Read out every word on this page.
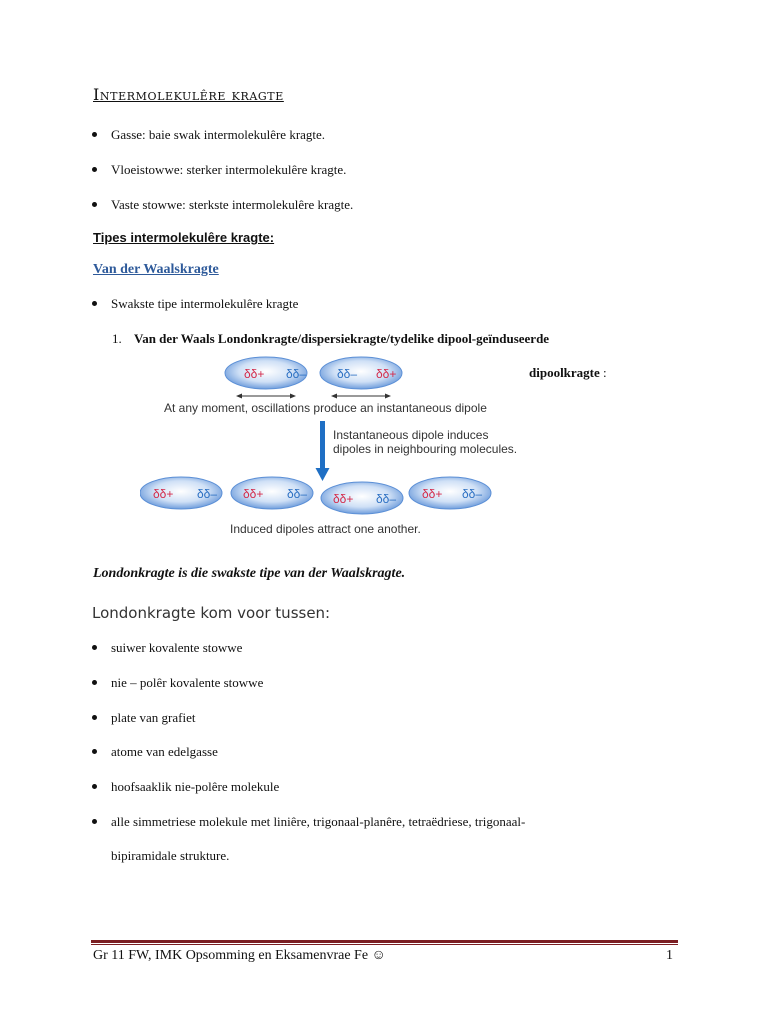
Intermolekulêre kragte
Gasse: baie swak intermolekulêre kragte.
Vloeistowwe: sterker intermolekulêre kragte.
Vaste stowwe: sterkste intermolekulêre kragte.
Tipes intermolekulêre kragte:
Van der Waalskragte
Swakste tipe intermolekulêre kragte
1. Van der Waals Londonkragte/dispersiekragte/tydelike dipool-geïnduseerde
dipoolkragte :
δδ+ δδ–	δδ– δδ+
At any moment, oscillations produce an instantaneous dipole
Instantaneous dipole induces
dipoles in neighbouring molecules.
δδ+ δδ– δδ+ δδ– δδ+ δδ– δδ+ δδ–
Induced dipoles attract one another.
Londonkragte is die swakste tipe van der Waalskragte.
Londonkragte kom voor tussen:
suiwer kovalente stowwe
nie – polêr kovalente stowwe
plate van grafiet
atome van edelgasse
hoofsaaklik nie-polêre molekule
alle simmetriese molekule met liniêre, trigonaal-planêre, tetraëdriese, trigonaal-
bipiramidale strukture.
Gr 11 FW, IMK Opsomming en Eksamenvrae Fe ☺	1
